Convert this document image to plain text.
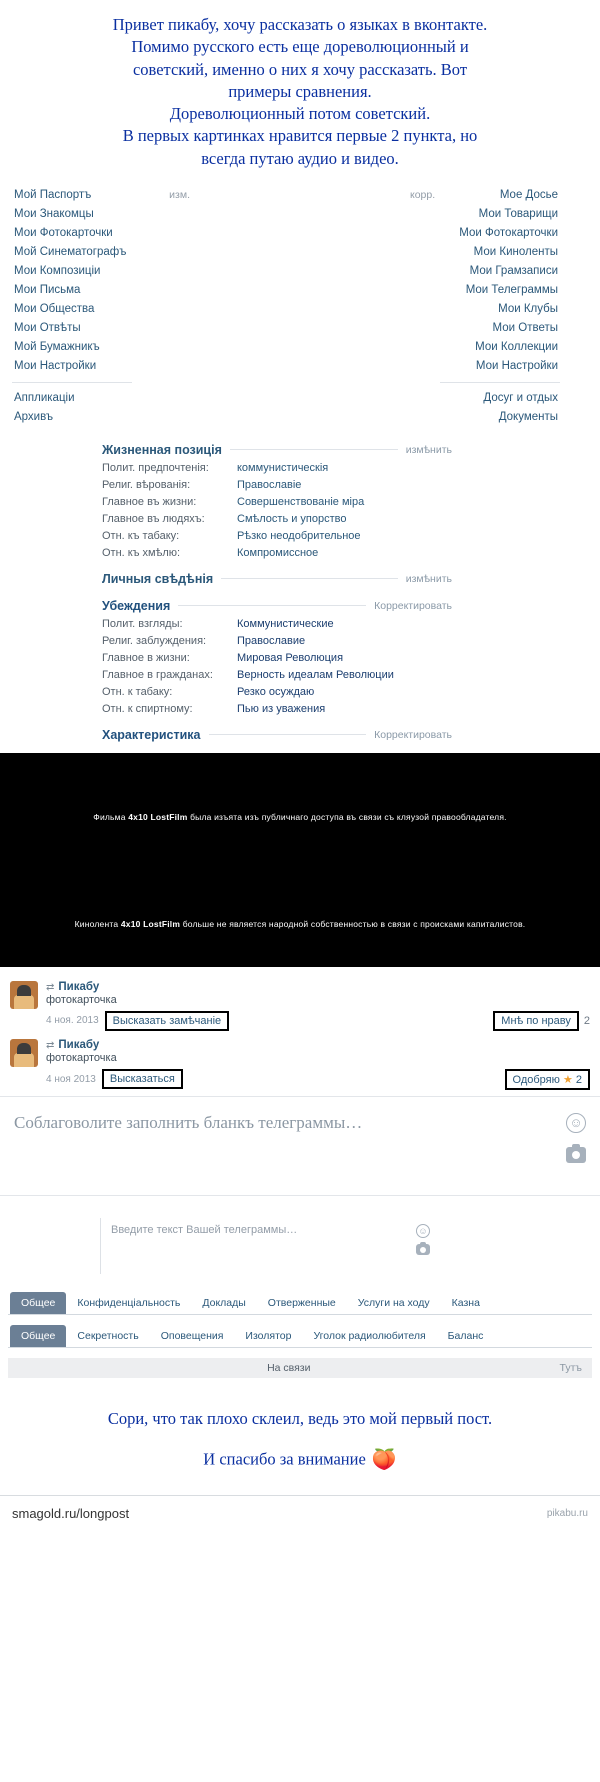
Привет пикабу, хочу рассказать о языках в вконтакте.

Помимо русского есть еще дореволюционный и

советский, именно о них я хочу рассказать. Вот

примеры сравнения.

Дореволюционный потом советский.

В первых картинках нравится первые 2 пункта, но

всегда путаю аудио и видео.

Мой Паспортъ	изм.
Мои Знакомцы
Мои Фотокарточки
Мой Синематографъ
Мои Композиціи
Мои Письма
Мои Общества
Мои Отвѣты
Мой Бумажникъ
Мои Настройки
Аппликаціи
Архивъ
корр.	Мое Досье
Мои Товарищи
Мои Фотокарточки
Мои Киноленты
Мои Грамзаписи
Мои Телеграммы
Мои Клубы
Мои Ответы
Мои Коллекции
Мои Настройки
Досуг и отдых
Документы
Жизненная позиція	измѣнить
Полит. предпочтенія:	коммунистическія
Религ. вѣрованія:	Православіе
Главное въ жизни:	Совершенствованіе міра
Главное въ людяхъ:	Смѣлость и упорство
Отн. къ табаку:	Рѣзко неодобрительное
Отн. къ хмѣлю:	Компромиссное
Личныя свѣдѣнія	измѣнить
Убеждения	Корректировать
Полит. взгляды:	Коммунистические
Религ. заблуждения:	Православие
Главное в жизни:	Мировая Революция
Главное в гражданах:	Верность идеалам Революции
Отн. к табаку:	Резко осуждаю
Отн. к спиртному:	Пью из уважения
Характеристика	Корректировать
Фильма 4x10 LostFilm была изъята изъ публичнаго доступа въ связи съ кляузой правообладателя.
Кинолента 4x10 LostFilm больше не является народной собственностью в связи с происками капиталистов.
⇄ Пикабу
фотокарточка
4 ноя. 2013	Высказать замѣчаніе	Мнѣ по нраву	2
⇄ Пикабу
фотокарточка
4 ноя 2013	Высказаться	Одобряю ★ 2
Соблаговолите заполнить бланкъ телеграммы…	☺
Введите текст Вашей телеграммы…	☺
Общее	Конфиденціальность	Доклады	Отверженные	Услуги на ходу	Казна
Общее	Секретность	Оповещения	Изолятор	Уголок радиолюбителя	Баланс
На связи	Тутъ

Сори, что так плохо склеил, ведь это мой первый пост.

И спасибо за внимание 🍑

smagold.ru/longpost	pikabu.ru
